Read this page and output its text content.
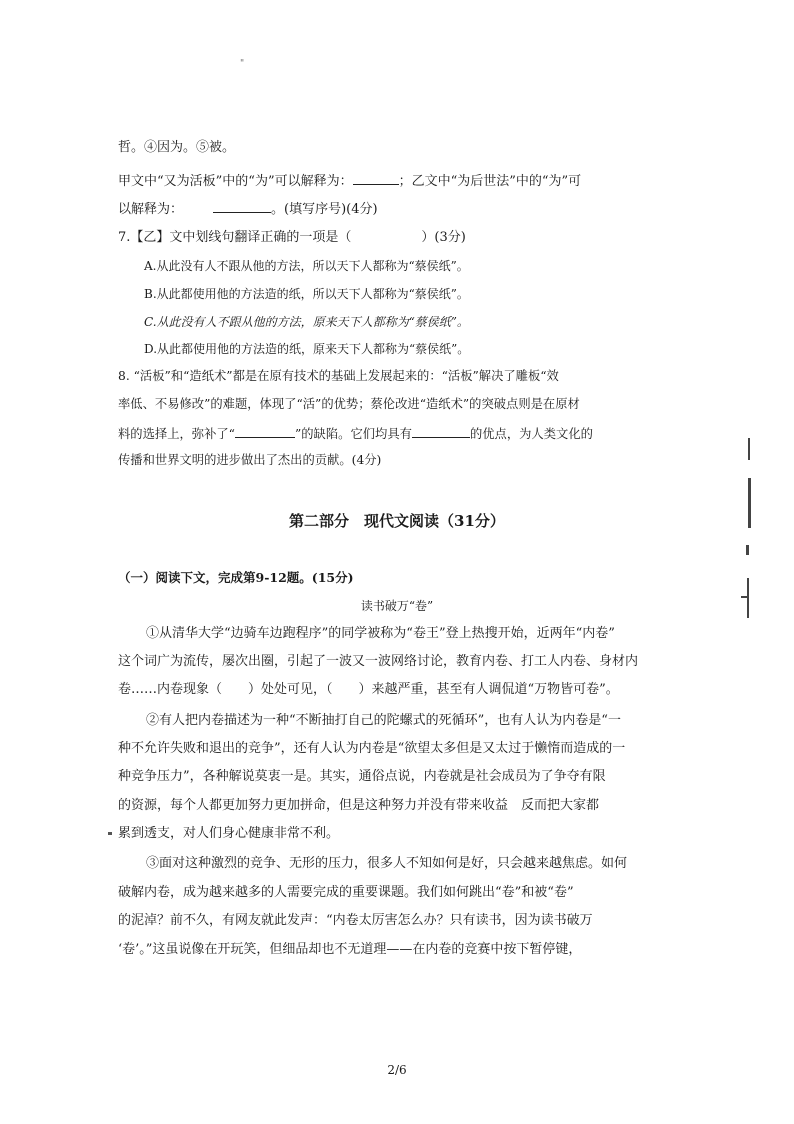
"
哲。④因为。⑤被。
甲文中“又为活板”中的“为”可以解释为：	；乙文中“为后世法”中的“为”可
以解释为：	。(填写序号)(4分)
7.【乙】文中划线句翻译正确的一项是（	）(3分)
A.从此没有人不跟从他的方法，所以天下人都称为“蔡侯纸”。
B.从此都使用他的方法造的纸，所以天下人都称为“蔡侯纸”。
C.从此没有人不跟从他的方法，原来天下人都称为“蔡侯纸”。
D.从此都使用他的方法造的纸，原来天下人都称为“蔡侯纸”。
8. “活板”和“造纸术”都是在原有技术的基础上发展起来的：“活板”解决了雕板“效
率低、不易修改”的难题，体现了“活”的优势；蔡伦改进“造纸术”的突破点则是在原材
料的选择上，弥补了“	”的缺陷。它们均具有	的优点，为人类文化的
传播和世界文明的进步做出了杰出的贡献。(4分)
第二部分　现代文阅读（31分）
（一）阅读下文，完成第9-12题。(15分)
读书破万“卷”
①从清华大学“边骑车边跑程序”的同学被称为“卷王”登上热搜开始，近两年“内卷”
这个词广为流传，屡次出圈，引起了一波又一波网络讨论，教育内卷、打工人内卷、身材内
卷……内卷现象（　　）处处可见，（　　）来越严重，甚至有人调侃道“万物皆可卷”。
②有人把内卷描述为一种“不断抽打自己的陀螺式的死循环”，也有人认为内卷是“一
种不允许失败和退出的竞争”，还有人认为内卷是“欲望太多但是又太过于懒惰而造成的一
种竞争压力”，各种解说莫衷一是。其实，通俗点说，内卷就是社会成员为了争夺有限
的资源，每个人都更加努力更加拼命，但是这种努力并没有带来收益　反而把大家都
累到透支，对人们身心健康非常不利。
③面对这种激烈的竞争、无形的压力，很多人不知如何是好，只会越来越焦虑。如何
破解内卷，成为越来越多的人需要完成的重要课题。我们如何跳出“卷”和被“卷”
的泥淖？前不久，有网友就此发声：“内卷太厉害怎么办？只有读书，因为读书破万
‘卷’。”这虽说像在开玩笑，但细品却也不无道理——在内卷的竞赛中按下暂停键，
2/6
